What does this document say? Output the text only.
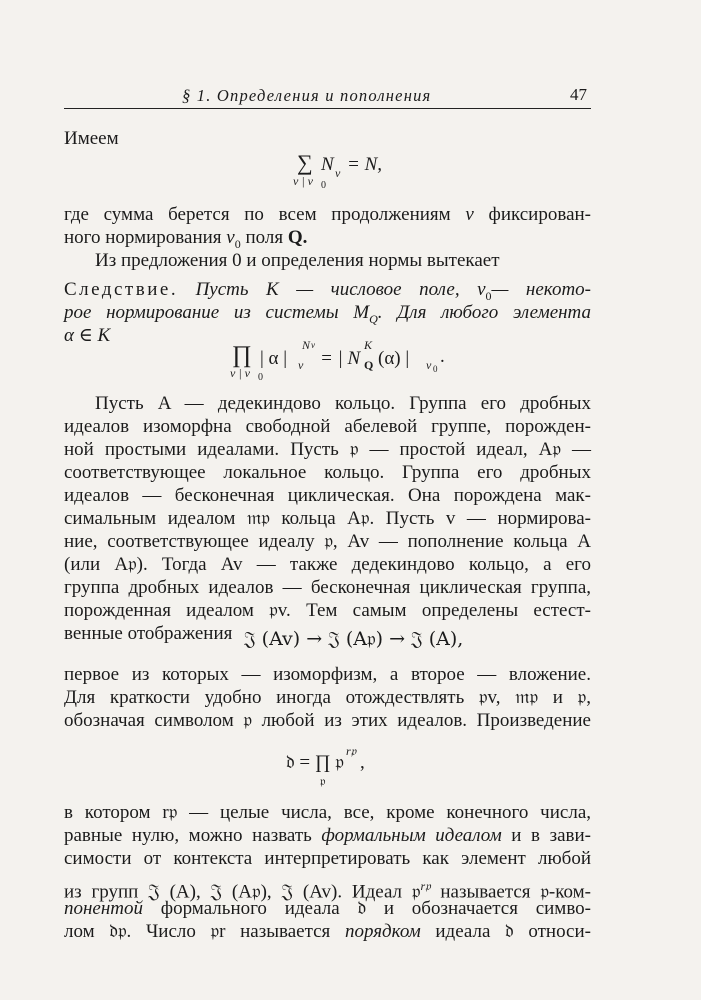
§ 1. Определения и пополнения	47
Имеем
∑ N v = N,
v | v 0
где сумма берется по всем продолжениям v фиксирован-
ного нормирования $v_0$ поля Q.
Из предложения 0 и определения нормы вытекает
Следствие. Пусть K — числовое поле, $v_0—$ некото-
рое нормирование из системы $M_Q$. Для любого элемента
α ∈ K
∏
v | v 0
| α |
N v
v = | N
K
Q (α) | v 0
.
Пусть A — дедекиндово кольцо. Группа его дробных
идеалов изоморфна свободной абелевой группе, порожден-
ной простыми идеалами. Пусть 𝔭 — простой идеал, A𝔭 —
соответствующее локальное кольцо. Группа его дробных
идеалов — бесконечная циклическая. Она порождена мак-
симальным идеалом 𝔪𝔭 кольца A𝔭. Пусть v — нормирова-
ние, соответствующее идеалу 𝔭, Av — пополнение кольца A
(или A𝔭). Тогда Av — также дедекиндово кольцо, а его
группа дробных идеалов — бесконечная циклическая группа,
порожденная идеалом 𝔭v. Тем самым определены естест-
венные отображения 𝔍 (Av) → 𝔍 (A𝔭) → 𝔍 (A),
первое из которых — изоморфизм, а второе — вложение.
Для краткости удобно иногда отождествлять 𝔭v, 𝔪𝔭 и 𝔭,
обозначая символом 𝔭 любой из этих идеалов. Произведение
𝔡 = ∏ 𝔭
r𝔭
𝔭
,
в котором r𝔭 — целые числа, все, кроме конечного числа,
равные нулю, можно назвать формальным идеалом и в зави-
симости от контекста интерпретировать как элемент любой
из групп 𝔍 (A), 𝔍 (A𝔭), 𝔍 (Av). Идеал 𝔭$^{r𝔭}$ называется 𝔭-ком-
понентой формального идеала 𝔡 и обозначается симво-
лом 𝔡𝔭. Число 𝔭r называется порядком идеала 𝔡 относи-
